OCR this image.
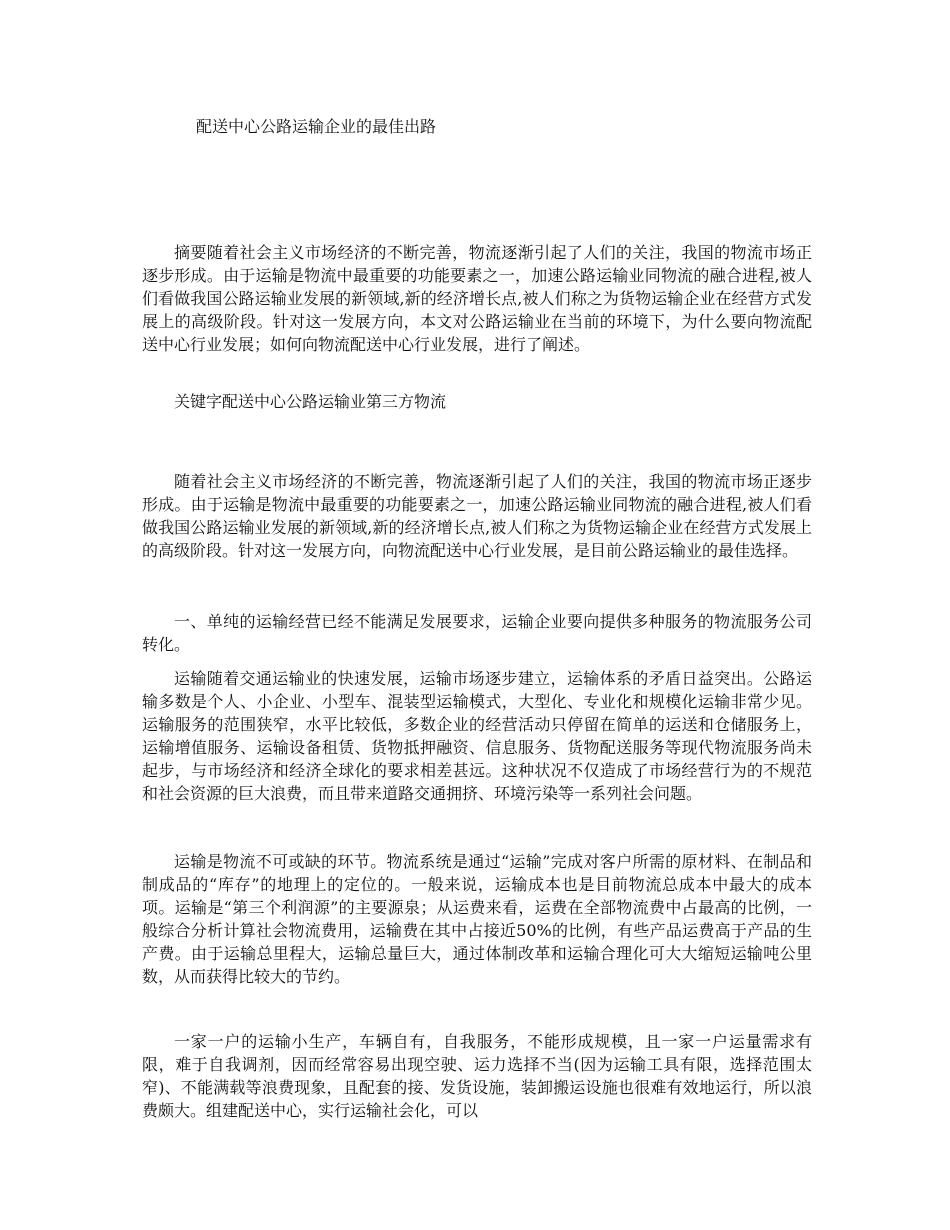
配送中心公路运输企业的最佳出路

摘要随着社会主义市场经济的不断完善，物流逐渐引起了人们的关注，我国的物流市场正逐步形成。由于运输是物流中最重要的功能要素之一，加速公路运输业同物流的融合进程,被人们看做我国公路运输业发展的新领域,新的经济增长点,被人们称之为货物运输企业在经营方式发展上的高级阶段。针对这一发展方向，本文对公路运输业在当前的环境下，为什么要向物流配送中心行业发展；如何向物流配送中心行业发展，进行了阐述。

关键字配送中心公路运输业第三方物流

随着社会主义市场经济的不断完善，物流逐渐引起了人们的关注，我国的物流市场正逐步形成。由于运输是物流中最重要的功能要素之一，加速公路运输业同物流的融合进程,被人们看做我国公路运输业发展的新领域,新的经济增长点,被人们称之为货物运输企业在经营方式发展上的高级阶段。针对这一发展方向，向物流配送中心行业发展，是目前公路运输业的最佳选择。

一、单纯的运输经营已经不能满足发展要求，运输企业要向提供多种服务的物流服务公司转化。

运输随着交通运输业的快速发展，运输市场逐步建立，运输体系的矛盾日益突出。公路运输多数是个人、小企业、小型车、混装型运输模式，大型化、专业化和规模化运输非常少见。运输服务的范围狭窄，水平比较低，多数企业的经营活动只停留在简单的运送和仓储服务上，运输增值服务、运输设备租赁、货物抵押融资、信息服务、货物配送服务等现代物流服务尚未起步，与市场经济和经济全球化的要求相差甚远。这种状况不仅造成了市场经营行为的不规范和社会资源的巨大浪费，而且带来道路交通拥挤、环境污染等一系列社会问题。

运输是物流不可或缺的环节。物流系统是通过“运输”完成对客户所需的原材料、在制品和制成品的“库存”的地理上的定位的。一般来说，运输成本也是目前物流总成本中最大的成本项。运输是“第三个利润源”的主要源泉；从运费来看，运费在全部物流费中占最高的比例，一般综合分析计算社会物流费用，运输费在其中占接近50%的比例，有些产品运费高于产品的生产费。由于运输总里程大，运输总量巨大，通过体制改革和运输合理化可大大缩短运输吨公里数，从而获得比较大的节约。

一家一户的运输小生产，车辆自有，自我服务，不能形成规模，且一家一户运量需求有限，难于自我调剂，因而经常容易出现空驶、运力选择不当(因为运输工具有限，选择范围太窄)、不能满载等浪费现象，且配套的接、发货设施，装卸搬运设施也很难有效地运行，所以浪费颇大。组建配送中心，实行运输社会化，可以
